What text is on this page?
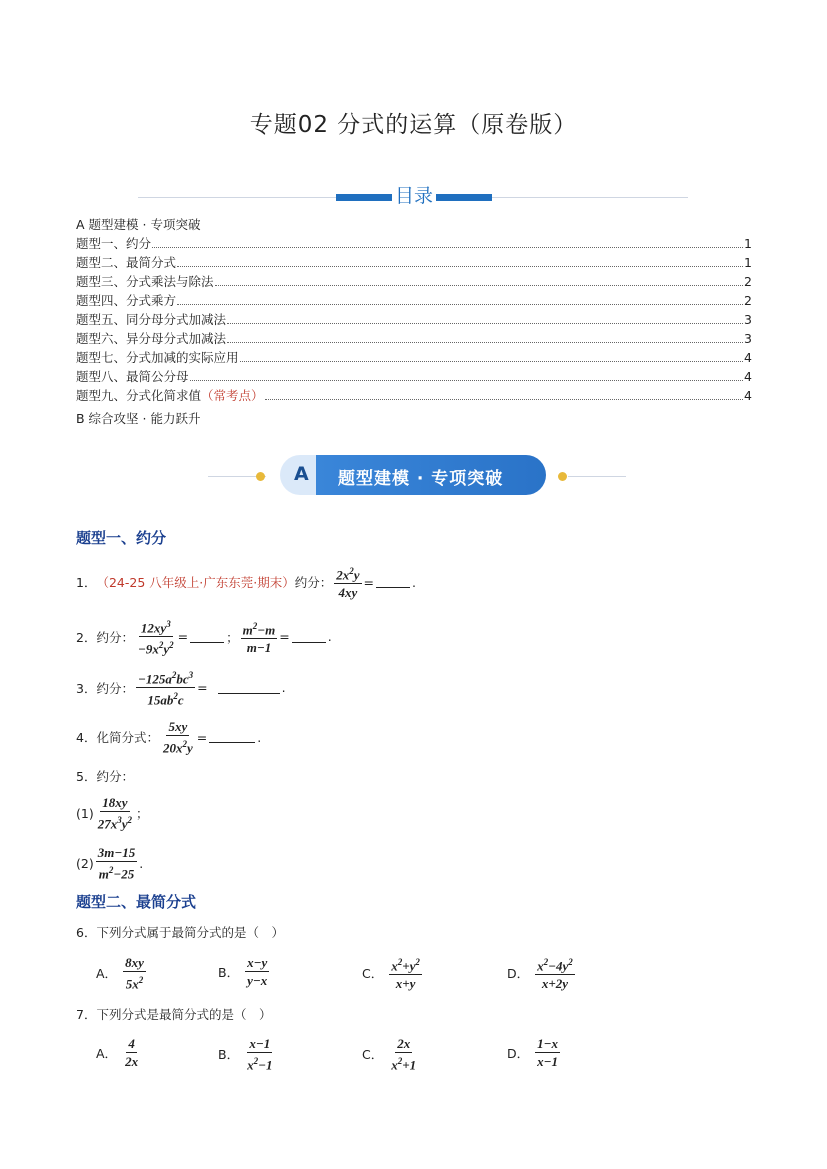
专题02 分式的运算（原卷版）
目录
A 题型建模 · 专项突破
题型一、约分	1
题型二、最简分式	1
题型三、分式乘法与除法	2
题型四、分式乘方	2
题型五、同分母分式加减法	3
题型六、异分母分式加减法	3
题型七、分式加减的实际应用	4
题型八、最简公分母	4
题型九、分式化简求值 （常考点）	4
B 综合攻坚 · 能力跃升
A 题型建模 · 专项突破
题型一、约分
1． （24-25 八年级上·广东东莞·期末） 约分： $\frac{2x^2y}{4xy}$ =	.
2． 约分： $\frac{12xy^3}{-9x^2y^2}$ =	； $\frac{m^2-m}{m-1}$ =	.
3． 约分： $\frac{-125a^2bc^3}{15ab^2c}$ =	.
4． 化简分式： $\frac{5xy}{20x^2y}$ =	.
5． 约分：
$(1) \frac{18xy}{27x^3y^2}$ ；
$(2) \frac{3m-15}{m^2-25}$ .
题型二、最简分式
6． 下列分式属于最简分式的是（　）
A． $\frac{8xy}{5x^2}$	B． $\frac{x-y}{y-x}$	C． $\frac{x^2+y^2}{x+y}$	D． $\frac{x^2-4y^2}{x+2y}$
7． 下列分式是最简分式的是（　）
A． $\frac{4}{2x}$	B． $\frac{x-1}{x^2-1}$	C． $\frac{2x}{x^2+1}$	D． $\frac{1-x}{x-1}$
